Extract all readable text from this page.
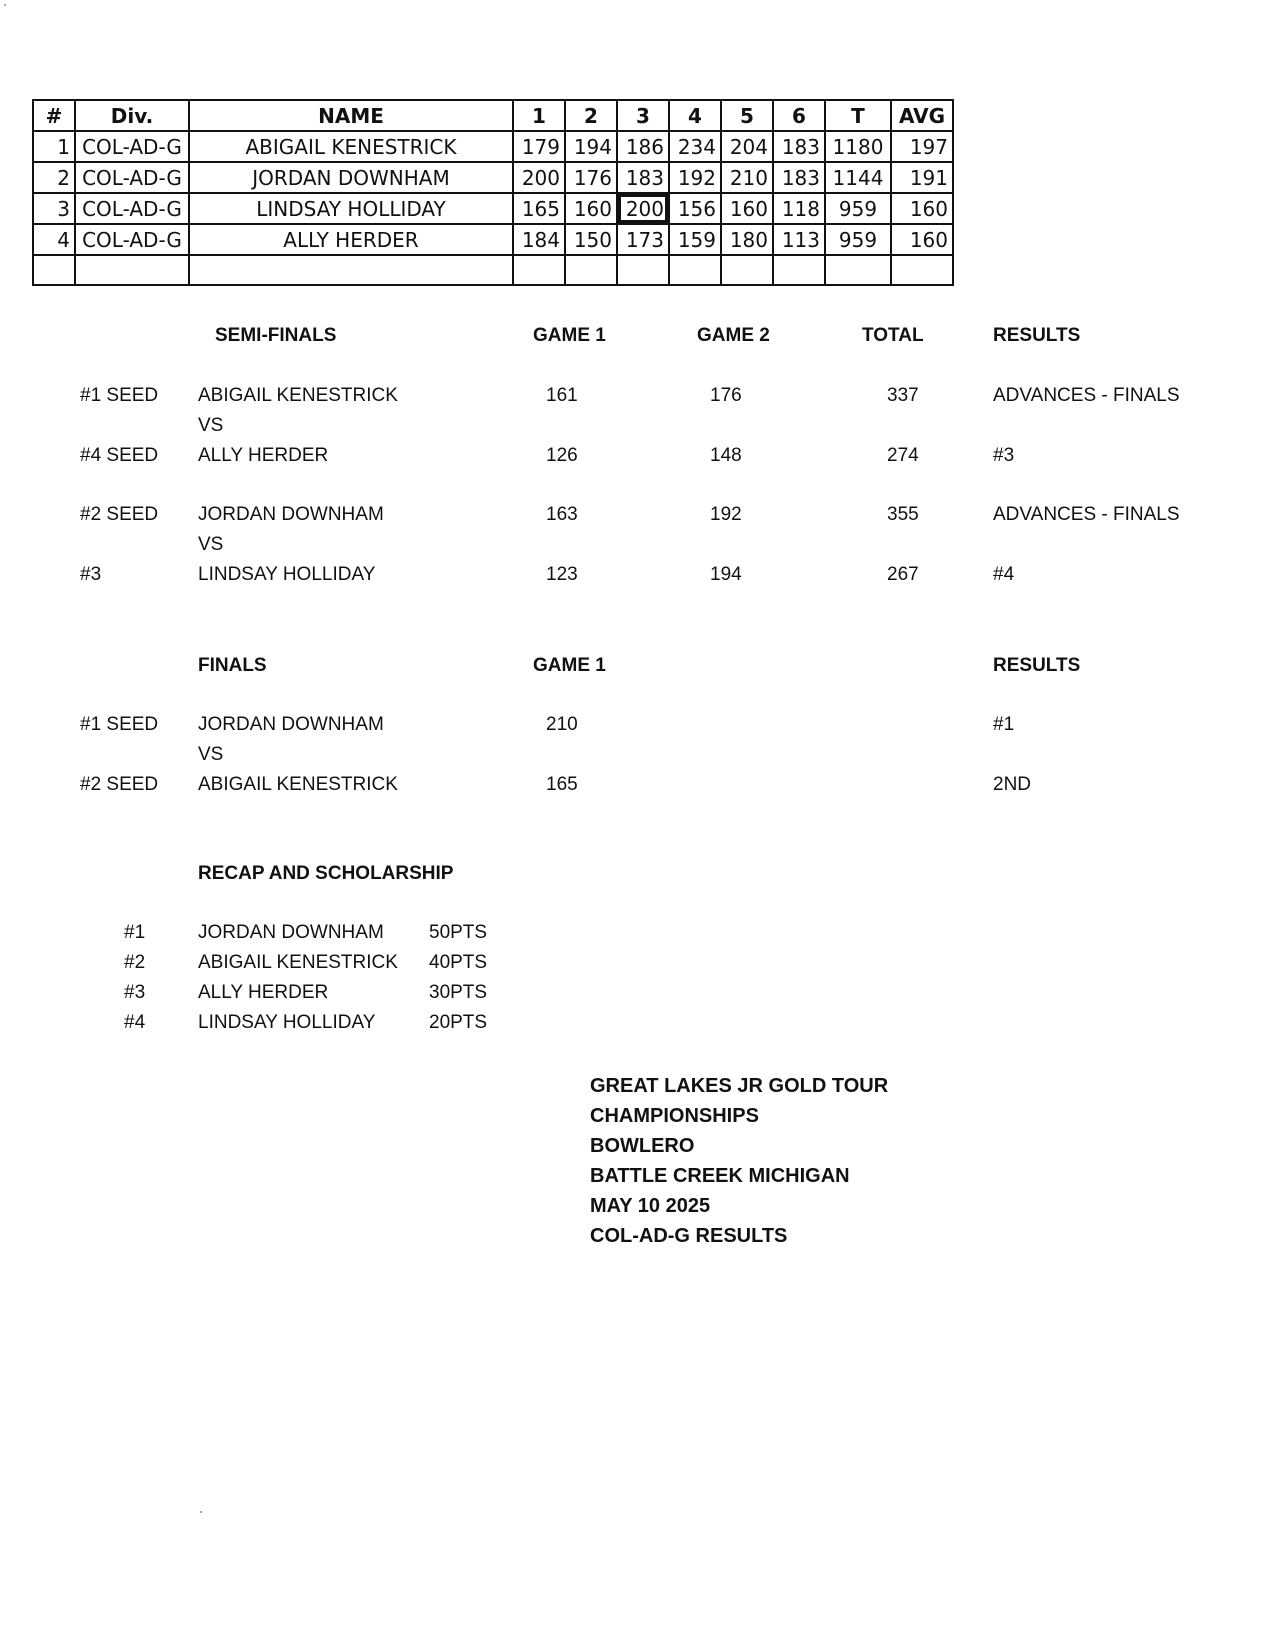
#	Div.	NAME	1	2	3	4	5	6	T	AVG
1	COL-AD-G	ABIGAIL KENESTRICK	179	194	186	234	204	183	1180	197
2	COL-AD-G	JORDAN DOWNHAM	200	176	183	192	210	183	1144	191
3	COL-AD-G	LINDSAY HOLLIDAY	165	160	200	156	160	118	959	160
4	COL-AD-G	ALLY HERDER	184	150	173	159	180	113	959	160

SEMI-FINALS	GAME 1	GAME 2	TOTAL	RESULTS
#1 SEED ABIGAIL KENESTRICK	161	176	337	ADVANCES - FINALS
VS
#4 SEED ALLY HERDER	126	148	274	#3
#2 SEED JORDAN DOWNHAM	163	192	355	ADVANCES - FINALS
VS
#3	LINDSAY HOLLIDAY	123	194	267	#4
FINALS	GAME 1	RESULTS
#1 SEED JORDAN DOWNHAM	210	#1
VS
#2 SEED ABIGAIL KENESTRICK	165	2ND
RECAP AND SCHOLARSHIP
#1	JORDAN DOWNHAM 50PTS
#2	ABIGAIL KENESTRICK 40PTS
#3	ALLY HERDER	30PTS
#4	LINDSAY HOLLIDAY	20PTS
GREAT LAKES JR GOLD TOUR
CHAMPIONSHIPS
BOWLERO
BATTLE CREEK MICHIGAN
MAY 10 2025
COL-AD-G RESULTS
